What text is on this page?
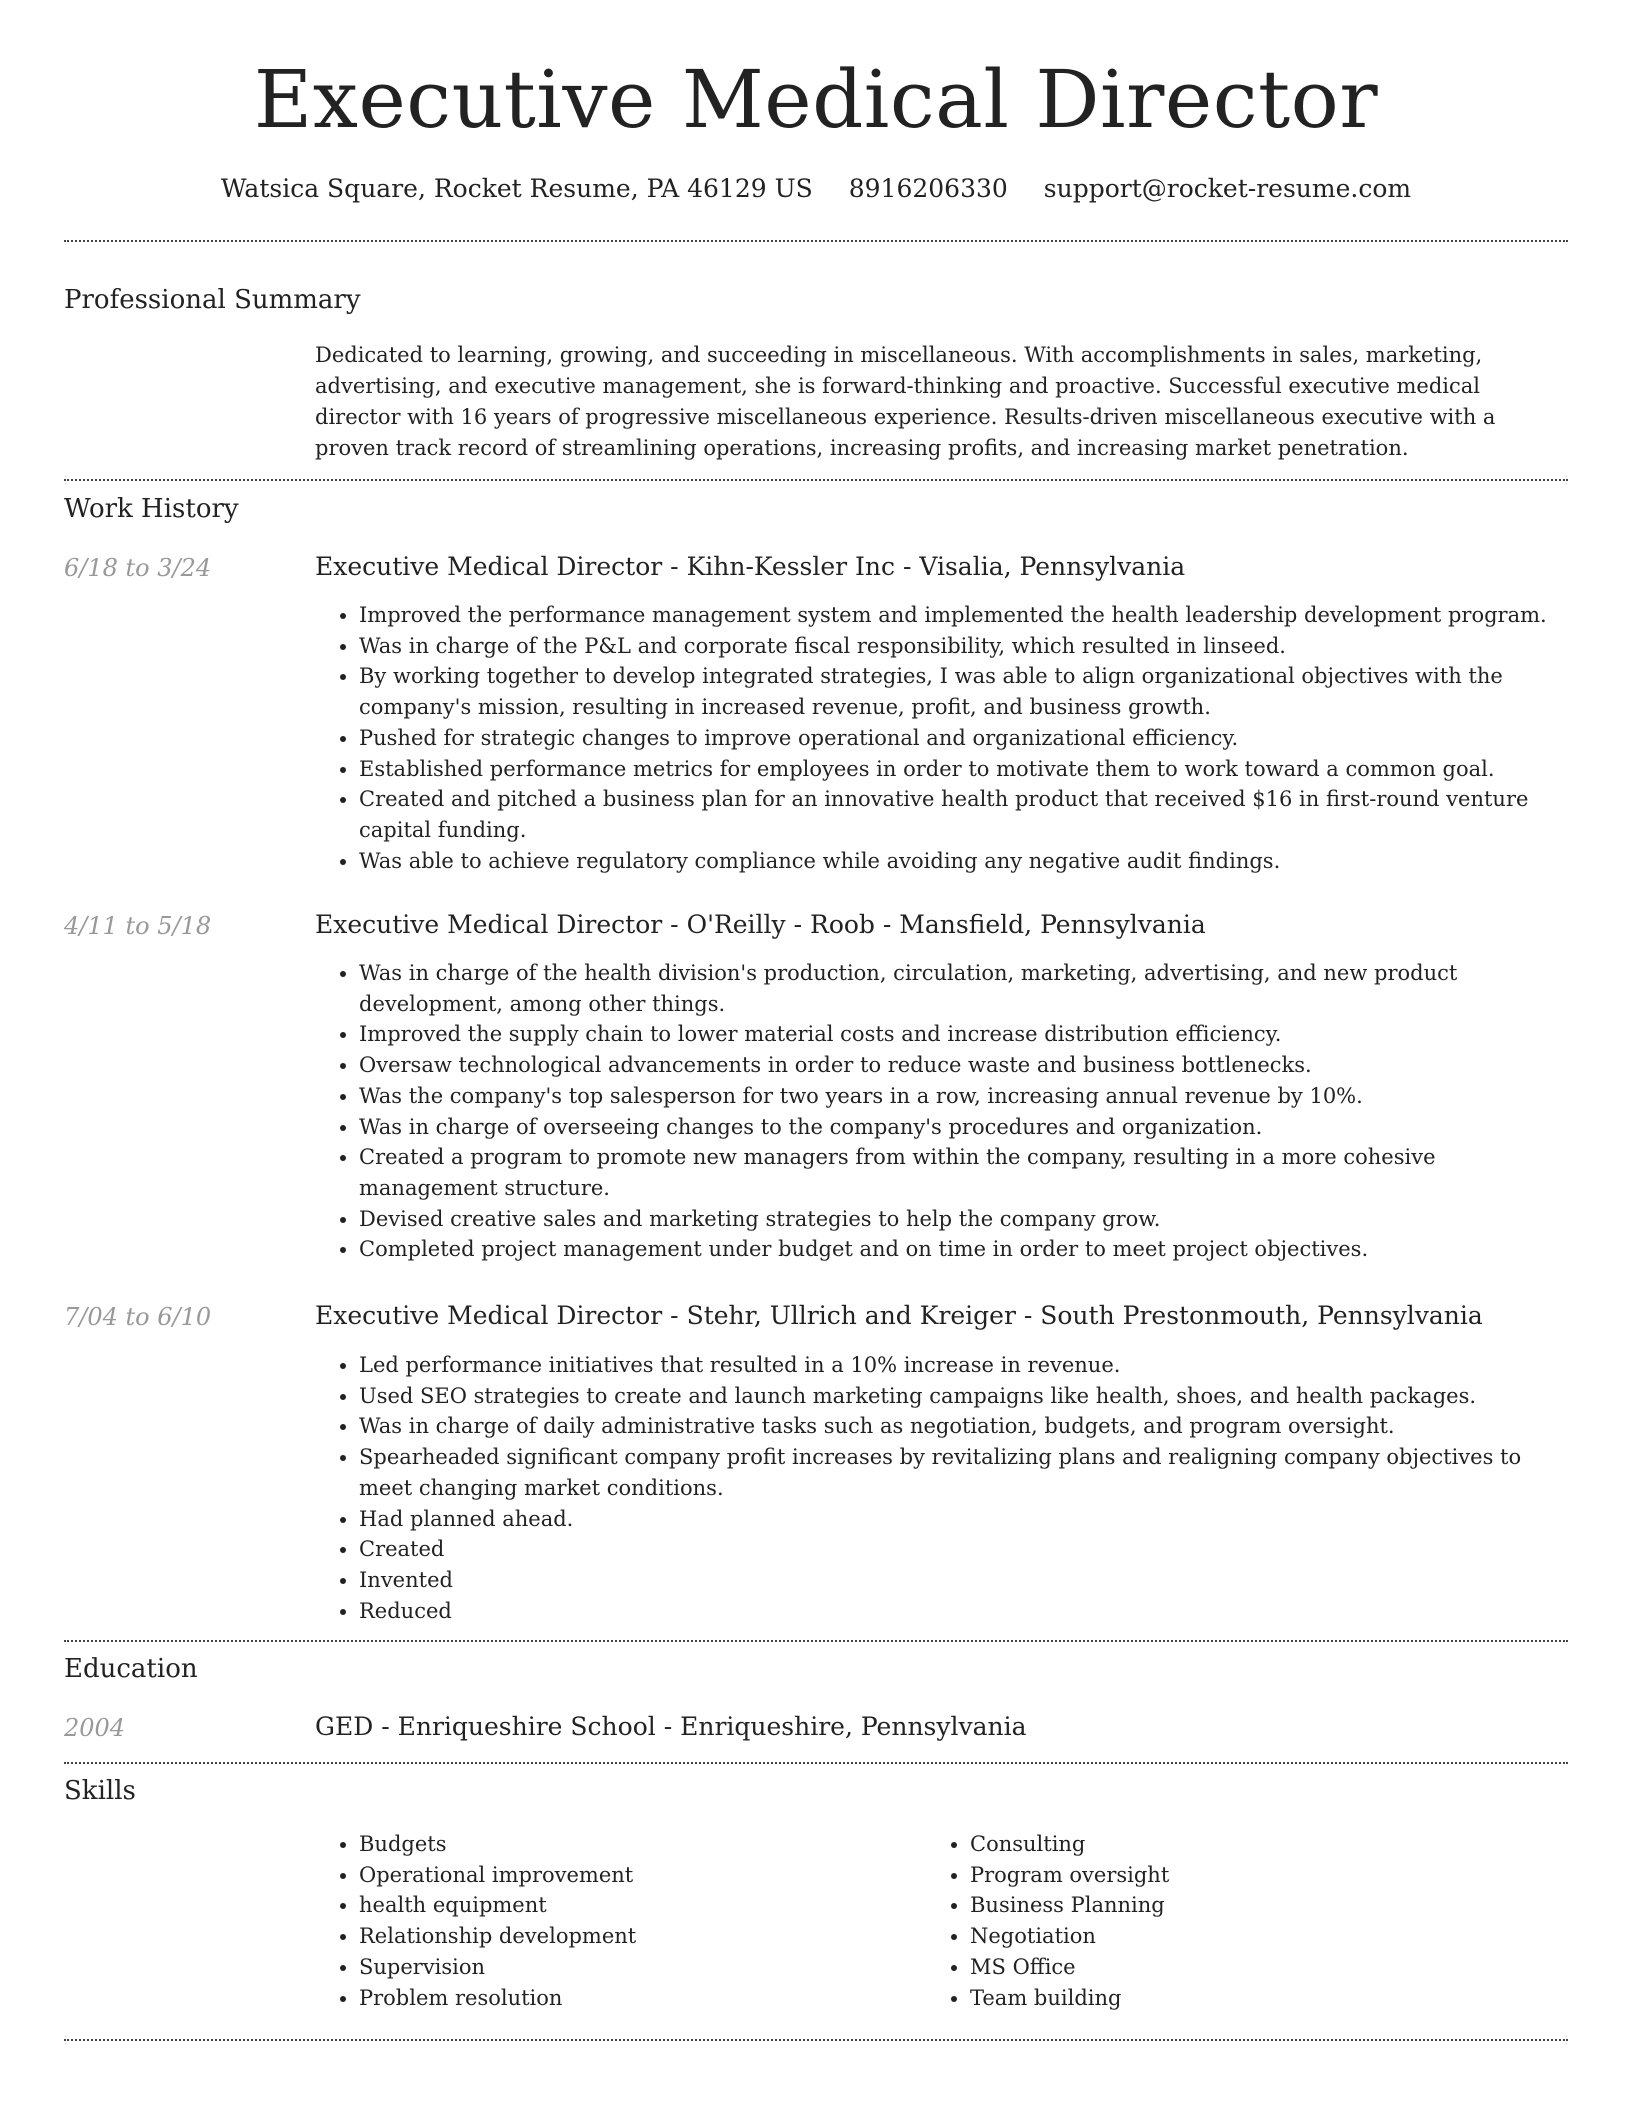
Executive Medical Director
Watsica Square, Rocket Resume, PA 46129 US 8916206330 support@rocket-resume.com
Professional Summary

Dedicated to learning, growing, and succeeding in miscellaneous. With accomplishments in sales, marketing, advertising, and executive management, she is forward-thinking and proactive. Successful executive medical director with 16 years of progressive miscellaneous experience. Results-driven miscellaneous executive with a proven track record of streamlining operations, increasing profits, and increasing market penetration.

Work History
6/18 to 3/24	Executive Medical Director - Kihn-Kessler Inc - Visalia, Pennsylvania
• Improved the performance management system and implemented the health leadership development program.
• Was in charge of the P&L and corporate fiscal responsibility, which resulted in linseed.
• By working together to develop integrated strategies, I was able to align organizational objectives with the company's mission, resulting in increased revenue, profit, and business growth.
• Pushed for strategic changes to improve operational and organizational efficiency.
• Established performance metrics for employees in order to motivate them to work toward a common goal.
• Created and pitched a business plan for an innovative health product that received $16 in first-round venture capital funding.
• Was able to achieve regulatory compliance while avoiding any negative audit findings.
4/11 to 5/18	Executive Medical Director - O'Reilly - Roob - Mansfield, Pennsylvania
• Was in charge of the health division's production, circulation, marketing, advertising, and new product development, among other things.
• Improved the supply chain to lower material costs and increase distribution efficiency.
• Oversaw technological advancements in order to reduce waste and business bottlenecks.
• Was the company's top salesperson for two years in a row, increasing annual revenue by 10%.
• Was in charge of overseeing changes to the company's procedures and organization.
• Created a program to promote new managers from within the company, resulting in a more cohesive management structure.
• Devised creative sales and marketing strategies to help the company grow.
• Completed project management under budget and on time in order to meet project objectives.
7/04 to 6/10	Executive Medical Director - Stehr, Ullrich and Kreiger - South Prestonmouth, Pennsylvania
• Led performance initiatives that resulted in a 10% increase in revenue.
• Used SEO strategies to create and launch marketing campaigns like health, shoes, and health packages.
• Was in charge of daily administrative tasks such as negotiation, budgets, and program oversight.
• Spearheaded significant company profit increases by revitalizing plans and realigning company objectives to meet changing market conditions.
• Had planned ahead.
• Created
• Invented
• Reduced
Education
2004	GED - Enriqueshire School - Enriqueshire, Pennsylvania
Skills
• Budgets
• Operational improvement
• health equipment
• Relationship development
• Supervision
• Problem resolution
• Consulting
• Program oversight
• Business Planning
• Negotiation
• MS Office
• Team building
